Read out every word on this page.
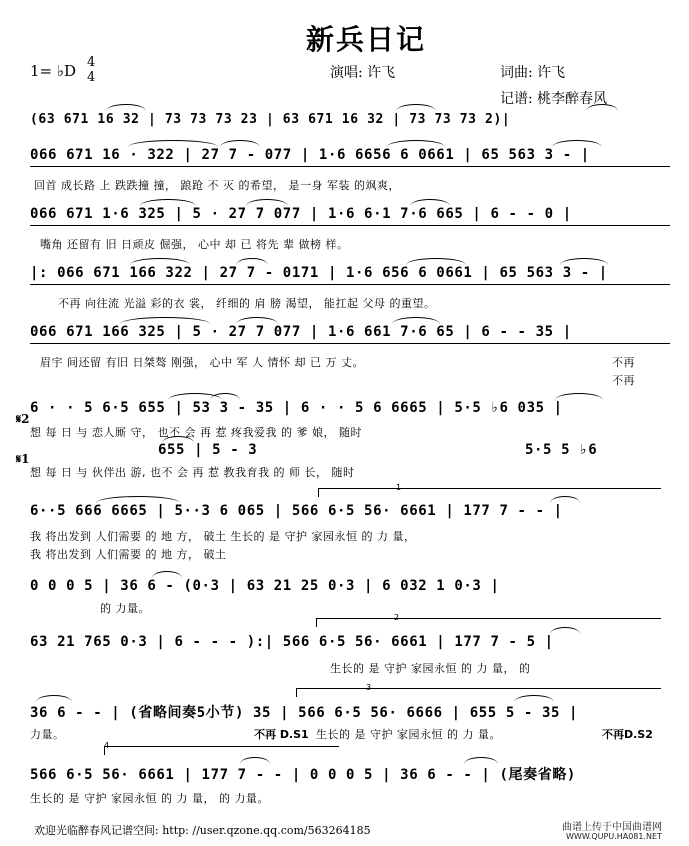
新兵日记
1= ♭D 4
4	演唱: 许飞	词曲: 许飞
记谱: 桃李醉春风
(63 671 16 32 | 73 73 73 23 | 63 671 16 32 | 73 73 73 2)|
066 671 16 · 322 | 27 7 - 077 | 1·6 6656 6 0661 | 65 563 3 - |
回首 成长路 上 跌跌撞 撞， 踉跄 不 灭 的希望， 是一身 军装 的飒爽，
066 671 1·6 325 | 5 · 27 7 077 | 1·6 6·1 7·6 665 | 6 - - 0 |
嘴角 还留有 旧 日顽皮 倔强， 心中 却 已 将先 辈 做榜 样。
|: 066 671 166 322 | 27 7 - 0171 | 1·6 656 6 0661 | 65 563 3 - |
不再 向往流 光溢 彩的衣 裳， 纤细的 肩 膀 渴望， 能扛起 父母 的重望。
066 671 166 325 | 5 · 27 7 077 | 1·6 661 7·6 65 | 6 - - 35 |
眉宇 间还留 有旧 日桀骜 刚强， 心中 军 人 情怀 却 已 万 丈。	不再
不再
𝄋2
6 · · 5 6·5 655 | 53 3 - 35 | 6 · · 5 6 6665 | 5·5 ♭6 035 |
想 每 日 与 恋人厮 守， 也不 会 再 惹 疼我爱我 的 爹 娘， 随时
655 | 5 - 3	5·5 5 ♭6
𝄋1
想 每 日 与 伙伴出 游, 也不 会 再 惹 教我育我 的 师 长， 随时
1
6··5 666 6665 | 5··3 6 065 | 566 6·5 56· 6661 | 177 7 - - |
我 将出发到 人们需要 的 地 方， 破土 生长的 是 守护 家园永恒 的 力 量，
我 将出发到 人们需要 的 地 方， 破土
0 0 0 5 | 36 6 - (0·3 | 63 21 25 0·3 | 6 032 1 0·3 |
的 力量。
2
63 21 765 0·3 | 6 - - - ):| 566 6·5 56· 6661 | 177 7 - 5 |
生长的 是 守护 家园永恒 的 力 量， 的
3
36 6 - - | (省略间奏5小节) 35 | 566 6·5 56· 6666 | 655 5 - 35 |
力量。	不再 D.S1 生长的 是 守护 家园永恒 的 力 量。	不再D.S2
4
566 6·5 56· 6661 | 177 7 - - | 0 0 0 5 | 36 6 - - | (尾奏省略)
生长的 是 守护 家园永恒 的 力 量， 的 力量。
欢迎光临醉春风记谱空间: http: //user.qzone.qq.com/563264185	曲谱上传于中国曲谱网
WWW.QUPU.HA081.NET
